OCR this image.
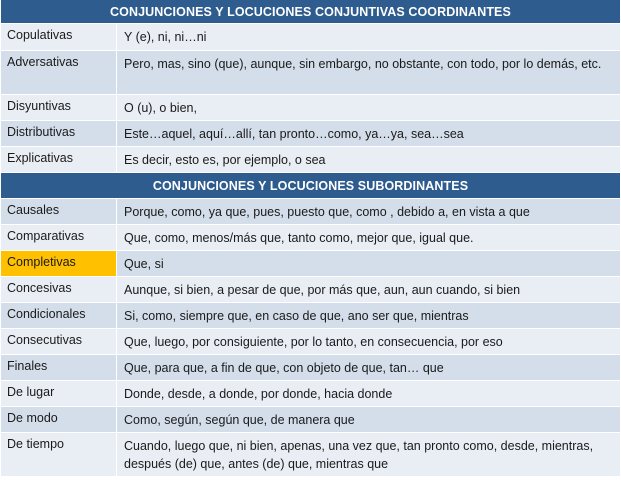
CONJUNCIONES Y LOCUCIONES CONJUNTIVAS COORDINANTES
Copulativas	Y (e), ni, ni…ni
Adversativas	Pero, mas, sino (que), aunque, sin embargo, no obstante, con todo, por lo demás, etc.
Disyuntivas	O (u), o bien,
Distributivas	Este…aquel, aquí…allí, tan pronto…como, ya…ya, sea…sea
Explicativas	Es decir, esto es, por ejemplo, o sea
CONJUNCIONES Y LOCUCIONES SUBORDINANTES
Causales	Porque, como, ya que, pues, puesto que, como , debido a, en vista a que
Comparativas	Que, como, menos/más que, tanto como, mejor que, igual que.
Completivas	Que, si
Concesivas	Aunque, si bien, a pesar de que, por más que, aun, aun cuando, si bien
Condicionales	Si, como, siempre que, en caso de que, ano ser que, mientras
Consecutivas	Que, luego, por consiguiente, por lo tanto, en consecuencia, por eso
Finales	Que, para que, a fin de que, con objeto de que, tan… que
De lugar	Donde, desde, a donde, por donde, hacia donde
De modo	Como, según, según que, de manera que
De tiempo	Cuando, luego que, ni bien, apenas, una vez que, tan pronto como, desde, mientras, después (de) que, antes (de) que, mientras que
